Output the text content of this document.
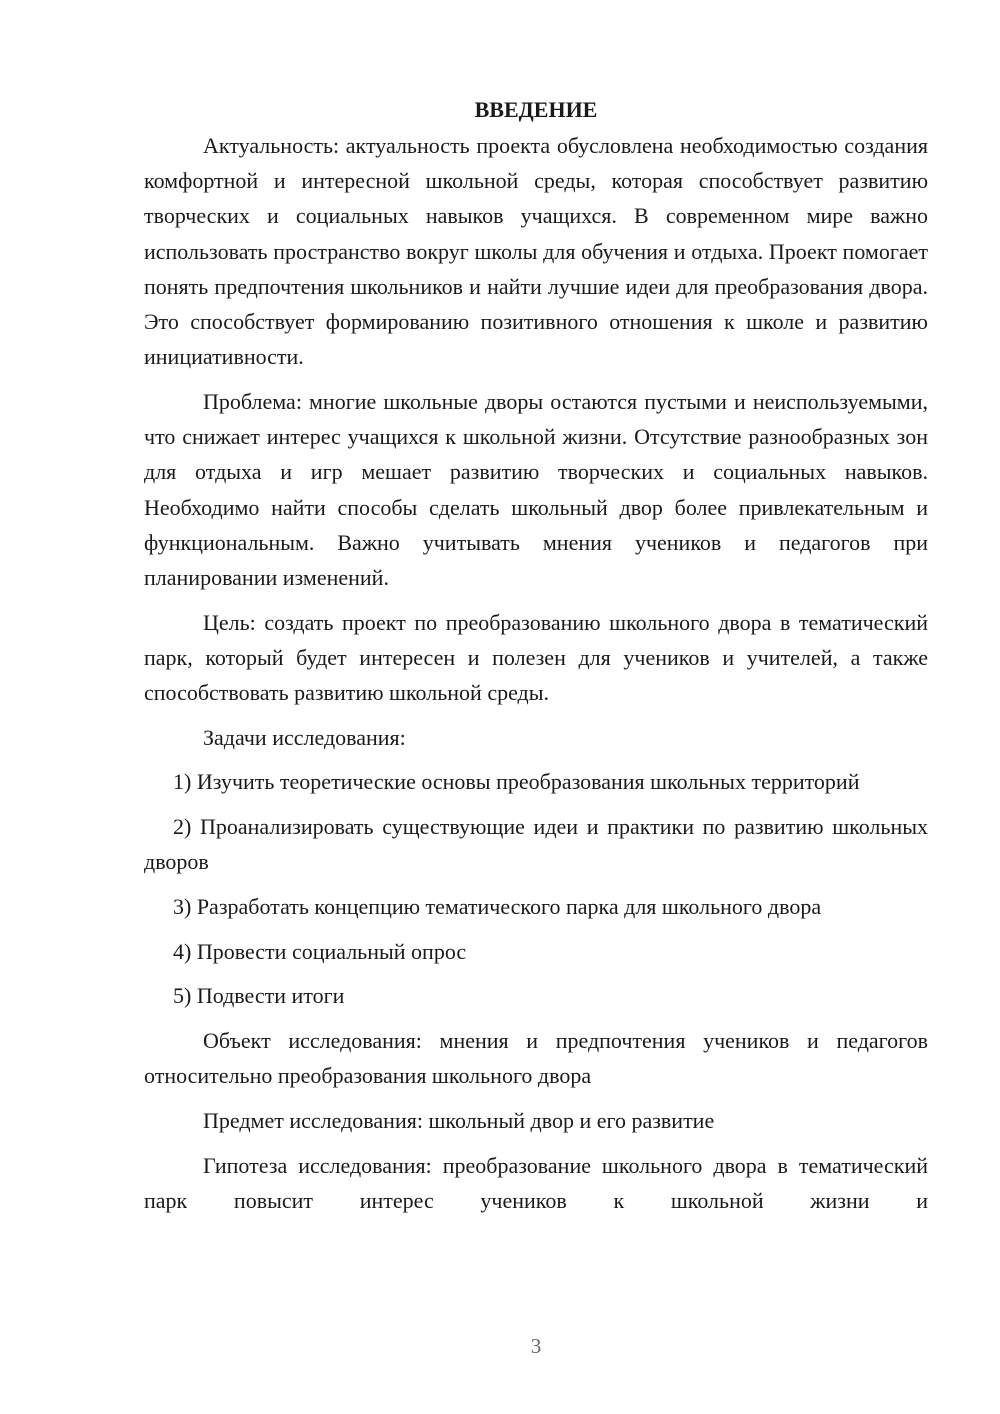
ВВЕДЕНИЕ

Актуальность: актуальность проекта обусловлена необходимостью создания комфортной и интересной школьной среды, которая способствует развитию творческих и социальных навыков учащихся. В современном мире важно использовать пространство вокруг школы для обучения и отдыха. Проект помогает понять предпочтения школьников и найти лучшие идеи для преобразования двора. Это способствует формированию позитивного отношения к школе и развитию инициативности.

Проблема: многие школьные дворы остаются пустыми и неиспользуемыми, что снижает интерес учащихся к школьной жизни. Отсутствие разнообразных зон для отдыха и игр мешает развитию творческих и социальных навыков. Необходимо найти способы сделать школьный двор более привлекательным и функциональным. Важно учитывать мнения учеников и педагогов при планировании изменений.

Цель: создать проект по преобразованию школьного двора в тематический парк, который будет интересен и полезен для учеников и учителей, а также способствовать развитию школьной среды.

Задачи исследования:

1) Изучить теоретические основы преобразования школьных территорий

2) Проанализировать существующие идеи и практики по развитию школьных дворов

3) Разработать концепцию тематического парка для школьного двора

4) Провести социальный опрос

5) Подвести итоги

Объект исследования: мнения и предпочтения учеников и педагогов относительно преобразования школьного двора

Предмет исследования: школьный двор и его развитие

Гипотеза исследования: преобразование школьного двора в тематический парк повысит интерес учеников к школьной жизни и

3
